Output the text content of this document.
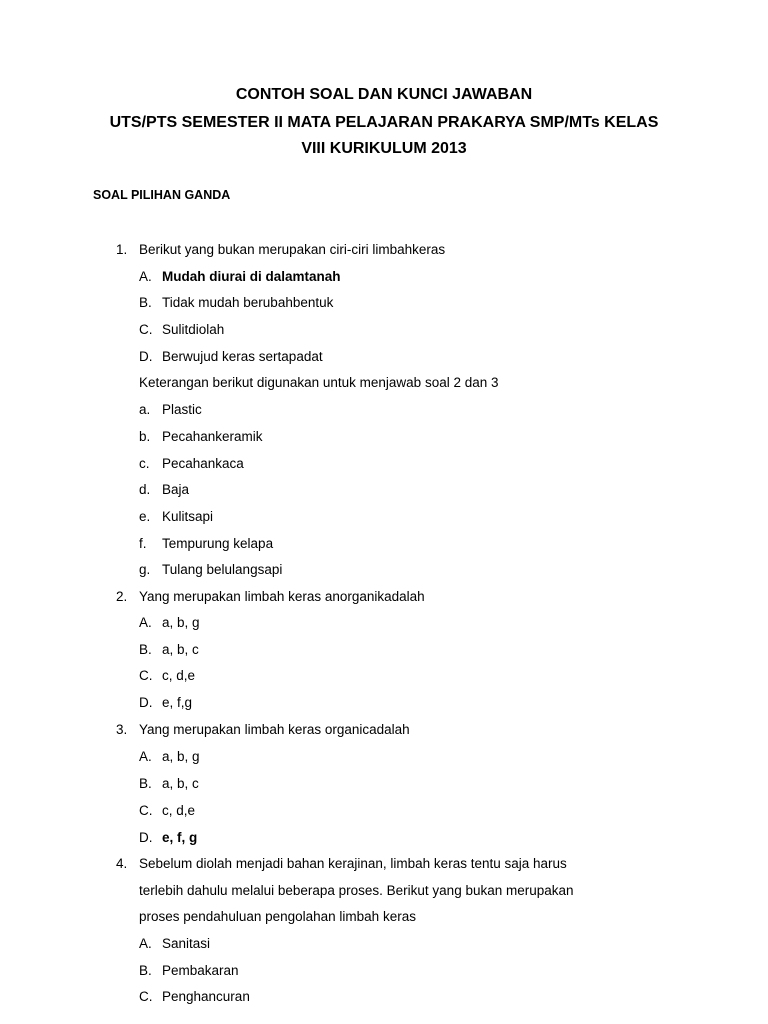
CONTOH SOAL DAN KUNCI JAWABAN
UTS/PTS SEMESTER II MATA PELAJARAN PRAKARYA SMP/MTs KELAS
VIII KURIKULUM 2013
SOAL PILIHAN GANDA
1. Berikut yang bukan merupakan ciri-ciri limbahkeras
A. Mudah diurai di dalamtanah
B. Tidak mudah berubahbentuk
C. Sulitdiolah
D. Berwujud keras sertapadat
Keterangan berikut digunakan untuk menjawab soal 2 dan 3
a. Plastic
b. Pecahankeramik
c. Pecahankaca
d. Baja
e. Kulitsapi
f. Tempurung kelapa
g. Tulang belulangsapi
2. Yang merupakan limbah keras anorganikadalah
A. a, b, g
B. a, b, c
C. c, d,e
D. e, f,g
3. Yang merupakan limbah keras organicadalah
A. a, b, g
B. a, b, c
C. c, d,e
D. e, f, g
4. Sebelum diolah menjadi bahan kerajinan, limbah keras tentu saja harus
terlebih dahulu melalui beberapa proses. Berikut yang bukan merupakan
proses pendahuluan pengolahan limbah keras
A. Sanitasi
B. Pembakaran
C. Penghancuran
